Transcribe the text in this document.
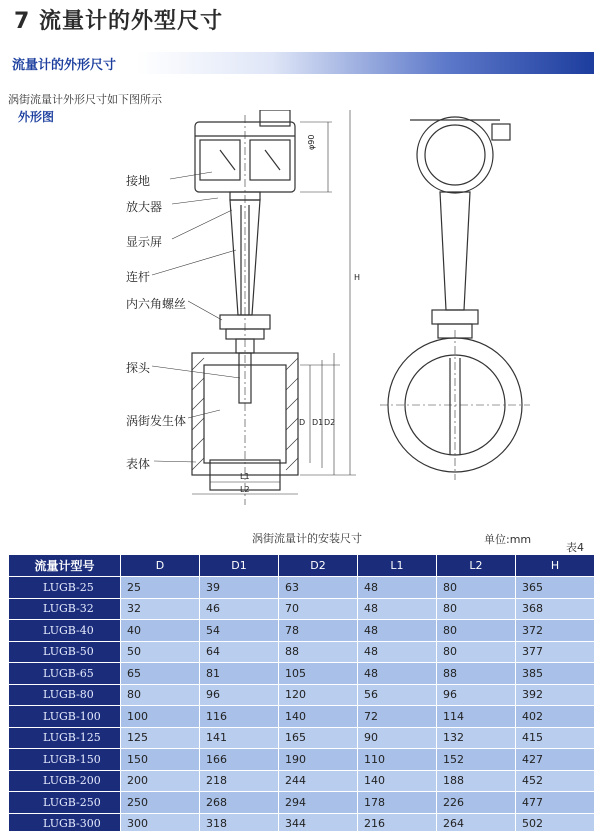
7 流量计的外型尺寸
流量计的外形尺寸
涡街流量计外形尺寸如下图所示
外形图
接地
放大器
显示屏
连杆
内六角螺丝
探头
涡街发生体
表体
φ90
H
D D1 D2
L1
L2
涡街流量计的安装尺寸	单位:mm
表4
流量计型号	D	D1	D2	L1	L2	H
LUGB-25	25	39	63	48	80	365
LUGB-32	32	46	70	48	80	368
LUGB-40	40	54	78	48	80	372
LUGB-50	50	64	88	48	80	377
LUGB-65	65	81	105	48	88	385
LUGB-80	80	96	120	56	96	392
LUGB-100	100	116	140	72	114	402
LUGB-125	125	141	165	90	132	415
LUGB-150	150	166	190	110	152	427
LUGB-200	200	218	244	140	188	452
LUGB-250	250	268	294	178	226	477
LUGB-300	300	318	344	216	264	502
